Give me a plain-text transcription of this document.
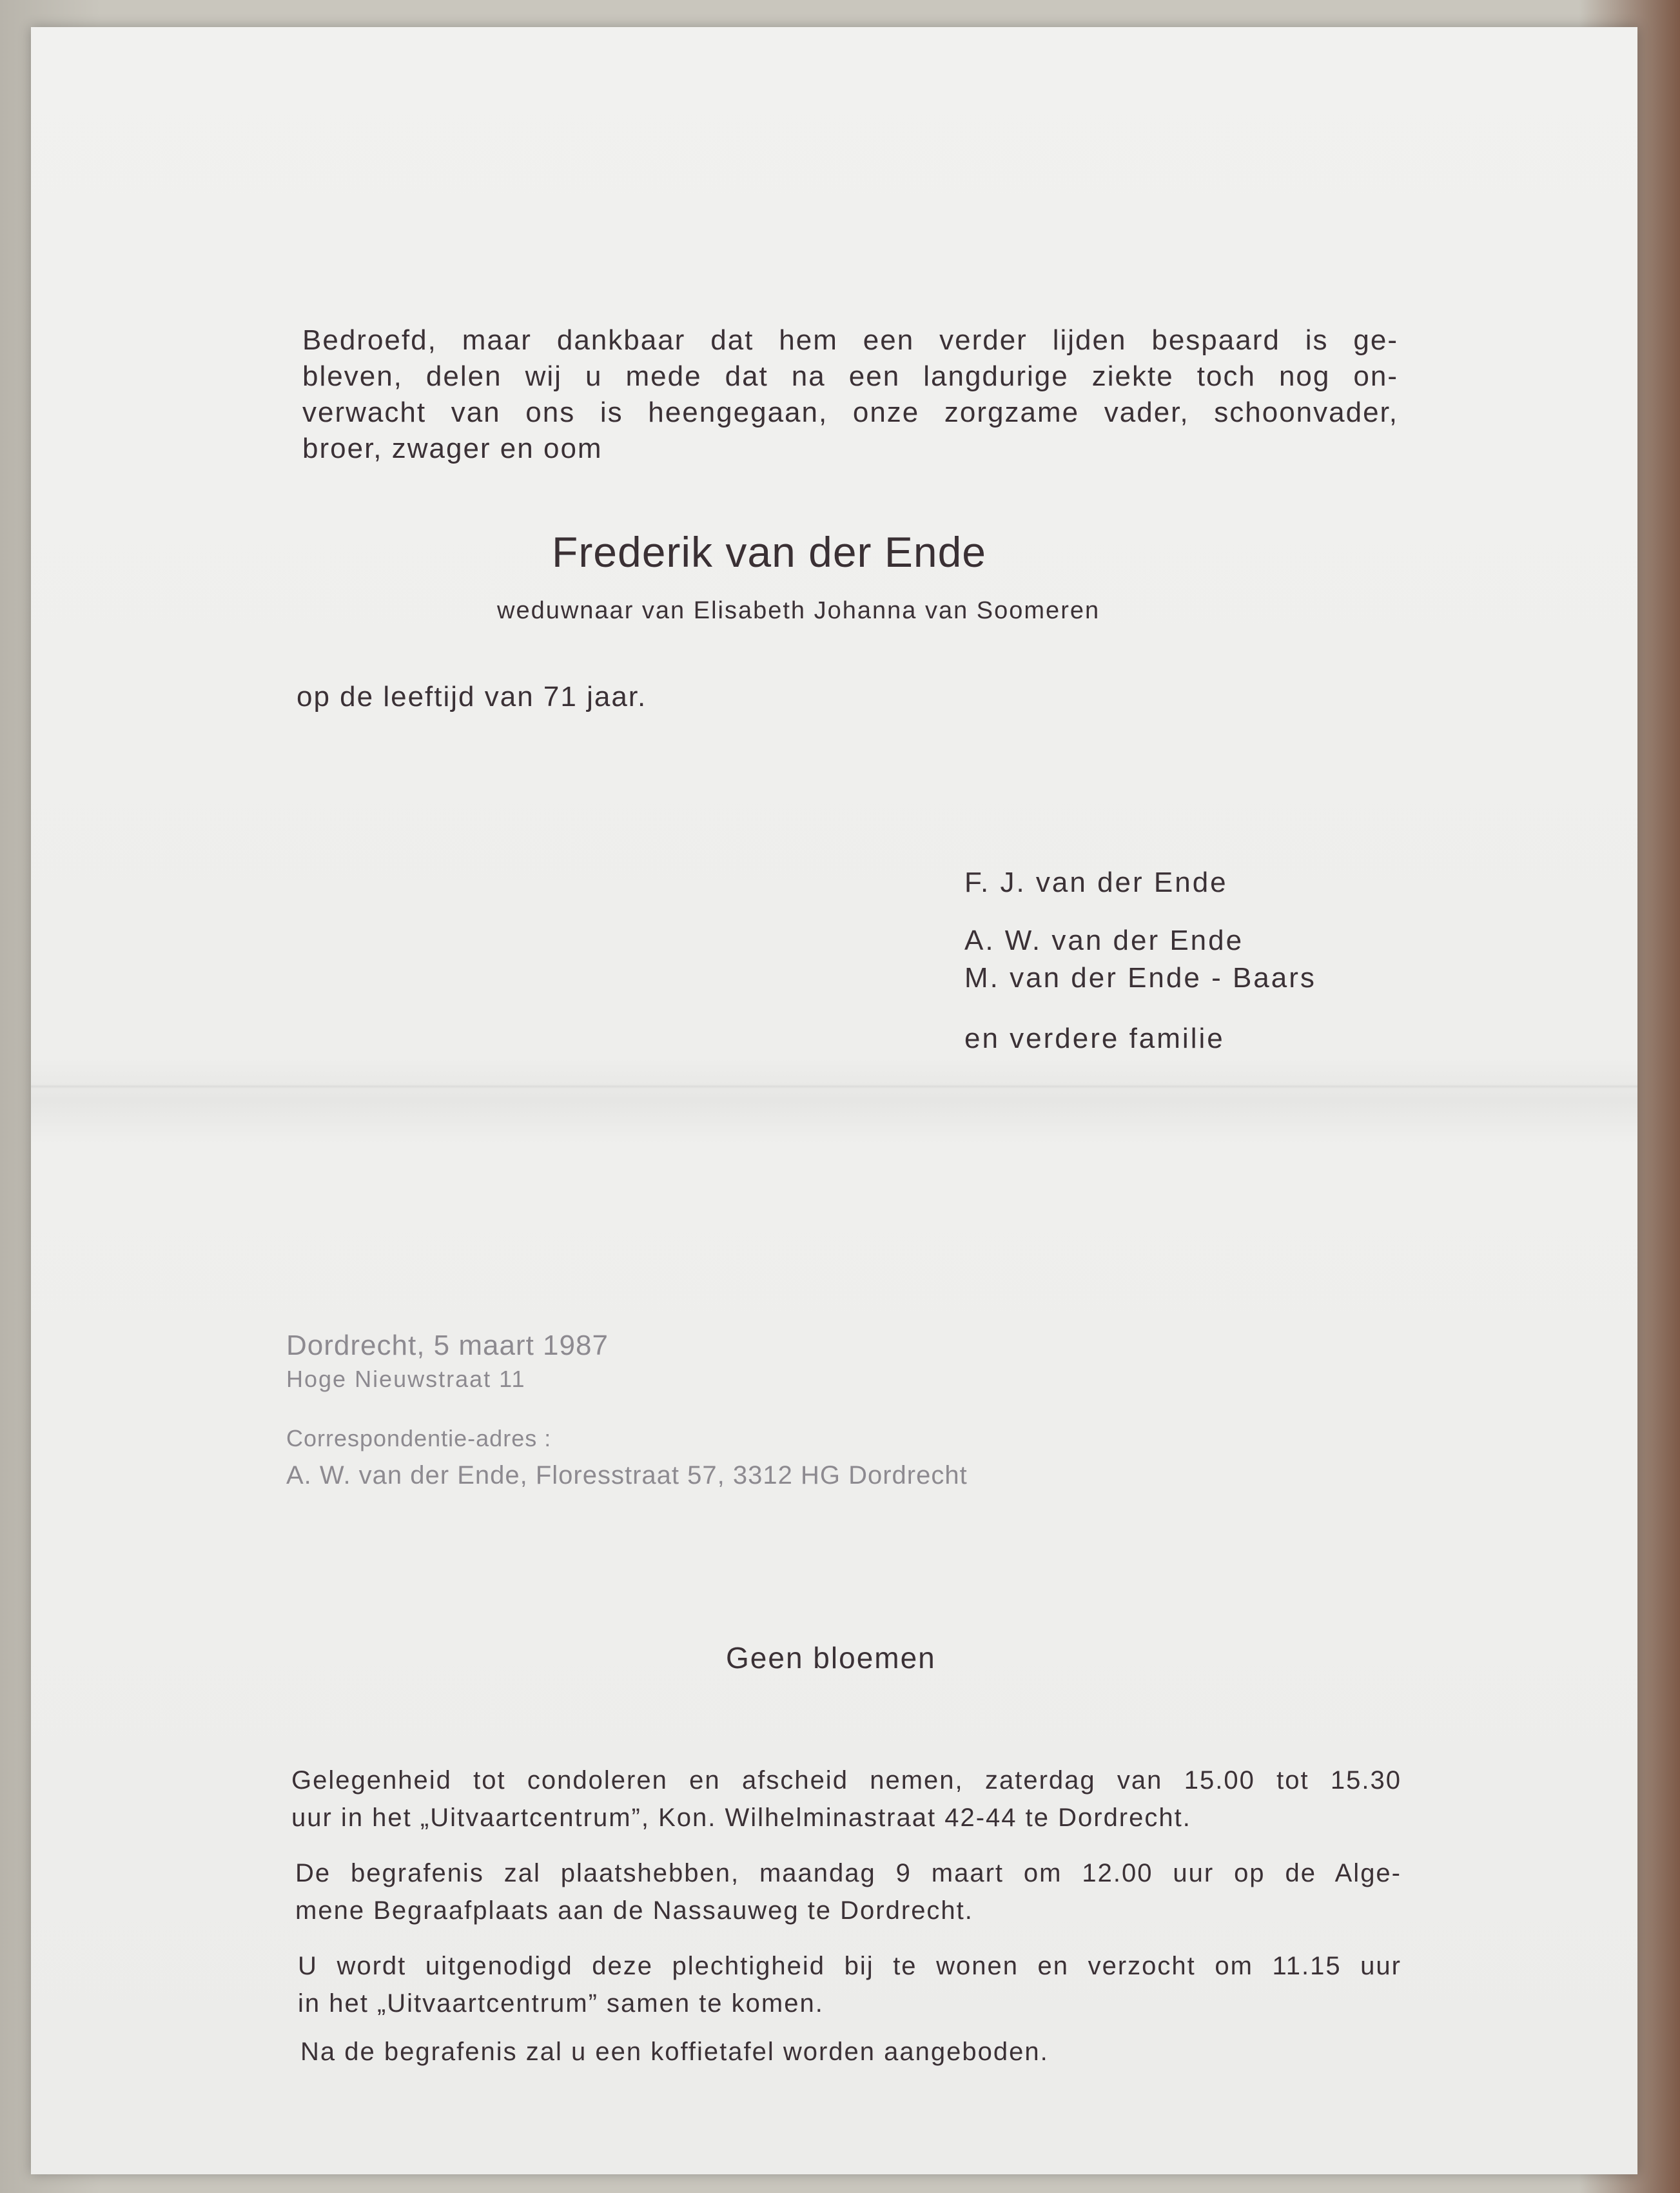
Bedroefd, maar dankbaar dat hem een verder lijden bespaard is ge-
bleven, delen wij u mede dat na een langdurige ziekte toch nog on-
verwacht van ons is heengegaan, onze zorgzame vader, schoonvader,
broer, zwager en oom
Frederik van der Ende
weduwnaar van Elisabeth Johanna van Soomeren
op de leeftijd van 71 jaar.
F. J. van der Ende
A. W. van der Ende
M. van der Ende - Baars
en verdere familie
Dordrecht, 5 maart 1987
Hoge Nieuwstraat 11
Correspondentie-adres :
A. W. van der Ende, Floresstraat 57, 3312 HG Dordrecht
Geen bloemen
Gelegenheid tot condoleren en afscheid nemen, zaterdag van 15.00 tot 15.30
uur in het „Uitvaartcentrum”, Kon. Wilhelminastraat 42-44 te Dordrecht.
De begrafenis zal plaatshebben, maandag 9 maart om 12.00 uur op de Alge-
mene Begraafplaats aan de Nassauweg te Dordrecht.
U wordt uitgenodigd deze plechtigheid bij te wonen en verzocht om 11.15 uur
in het „Uitvaartcentrum” samen te komen.
Na de begrafenis zal u een koffietafel worden aangeboden.
